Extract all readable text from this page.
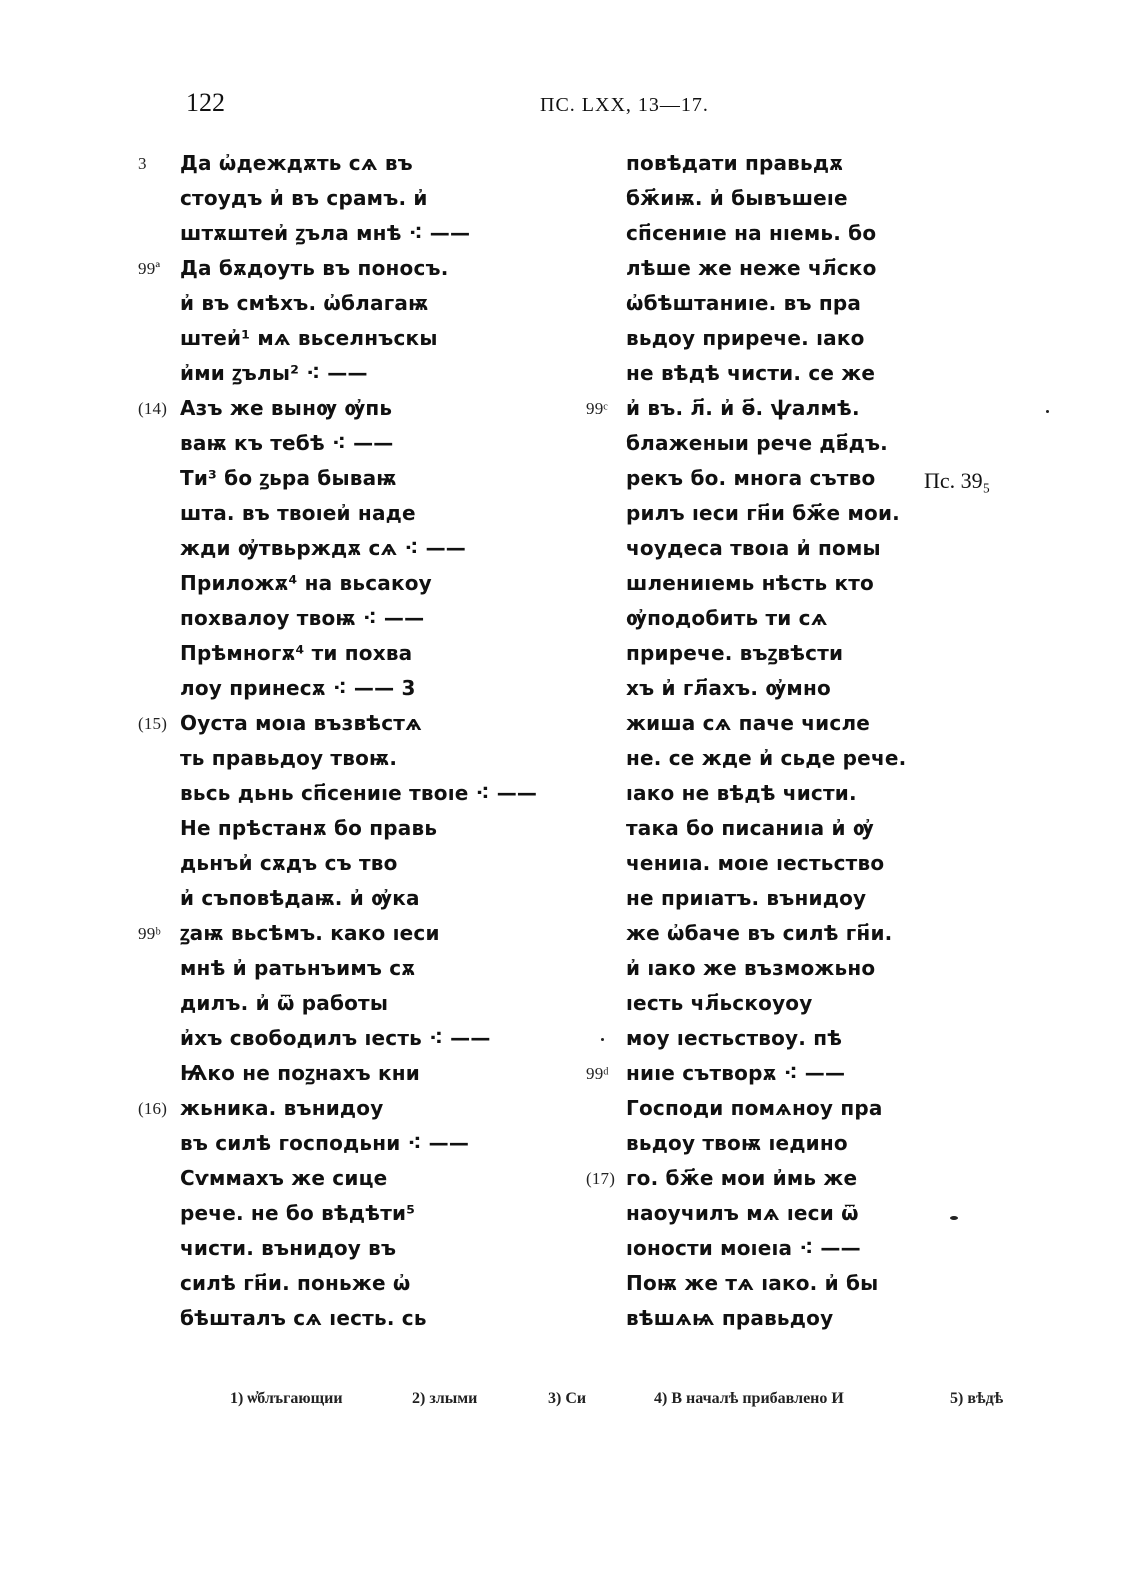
122	ПС. LXX, 13—17.
3 Да ѡ҆деждѫть сѧ въ
стоудъ и҆ въ срамъ. и҆
штѫштеи҆ ꙁъла мнѣ ⁖ ——
99ª Да бѫдоуть въ поносъ.
и҆ въ смѣхъ. ѡ҆благаѭ
штеи҆¹ мѧ вьселнъскы
и҆ми ꙁълы² ⁖ ——
(14) Азъ же вынѹ ѹ҆пь
ваѭ къ тебѣ ⁖ ——
Ти³ бо ꙁьра бываѭ
шта. въ твоıеи҆ наде
жди ѹ҆твьрждѫ сѧ ⁖ ——
Приложѫ⁴ на вьсакоу
похвалоу твоѭ ⁖ ——
Прѣмногѫ⁴ ти похва
лоу принесѫ ⁖ —— 3
(15) Оуста моıа възвѣстѧ
ть правьдоу твоѭ.
вьсь дьнь сп҃сениıе твоıе ⁖ ——
Не прѣстанѫ бо правь
дьнъи҆ сѫдъ съ тво
и҆ съповѣдаѭ. и҆ ѹ҆ка
99ᵇ ꙁаѭ вьсѣмъ. како ıеси
мнѣ и҆ ратьнъимъ сѫ
дилъ. и҆ ѿ работы
и҆хъ свободилъ ıесть ⁖ ——
Ѩко не поꙁнахъ кни
(16) жьника. вънидоу
въ силѣ господьни ⁖ ——
Сѵммахъ же сице
рече. не бо вѣдѣти⁵
чисти. вънидоу въ
силѣ гн҃и. поньже ѡ҆
бѣшталъ сѧ ıесть. сь
повѣдати правьдѫ
бж҃иѭ. и҆ бывъшеıе
сп҃сениıе на нıемь. бо
лѣше же неже чл҃ско
ѡ҆бѣштаниıе. въ пра
вьдоу приречe. ıако
не вѣдѣ чисти. се же
99ᶜ и҆ въ. л҃. и҆ ѳ҃. ѱалмѣ.
блаженыи рече дв҃дъ.
рекъ бо. многа сътво
рилъ ıеси гн҃и бж҃е мои.
чоудеса твоıа и҆ помы
шлениıемь нѣсть кто
ѹ҆подобить ти сѧ
приречe. въꙁвѣсти
хъ и҆ гл҃ахъ. ѹ҆мно
жиша сѧ паче числе
не. се жде и҆ сьде рече.
ıако не вѣдѣ чисти.
така бо писаниıа и҆ ѹ҆
чениıа. моıе ıестьство
не приıатъ. вънидоу
же ѡ҆баче въ силѣ гн҃и.
и҆ ıако же възможьно
ıесть чл҃ьскоуоу
моу ıестьствоу. пѣ
99ᵈ ниıе сътворѫ ⁖ ——
Господи помѧноу пра
вьдоу твоѭ ıедино
(17) го. бж҃е мои и҆мь же
наоучилъ мѧ ıеси ѿ
ıоности моıеıа ⁖ ——
Поѭ же тѧ ıако. и҆ бы
вѣшѧѩ правьдоу
Пс. 39₅
1) ѡ҆блъгающии	2) злыми	3) Си	4) В началѣ прибавлено И	5) вѣдѣ
